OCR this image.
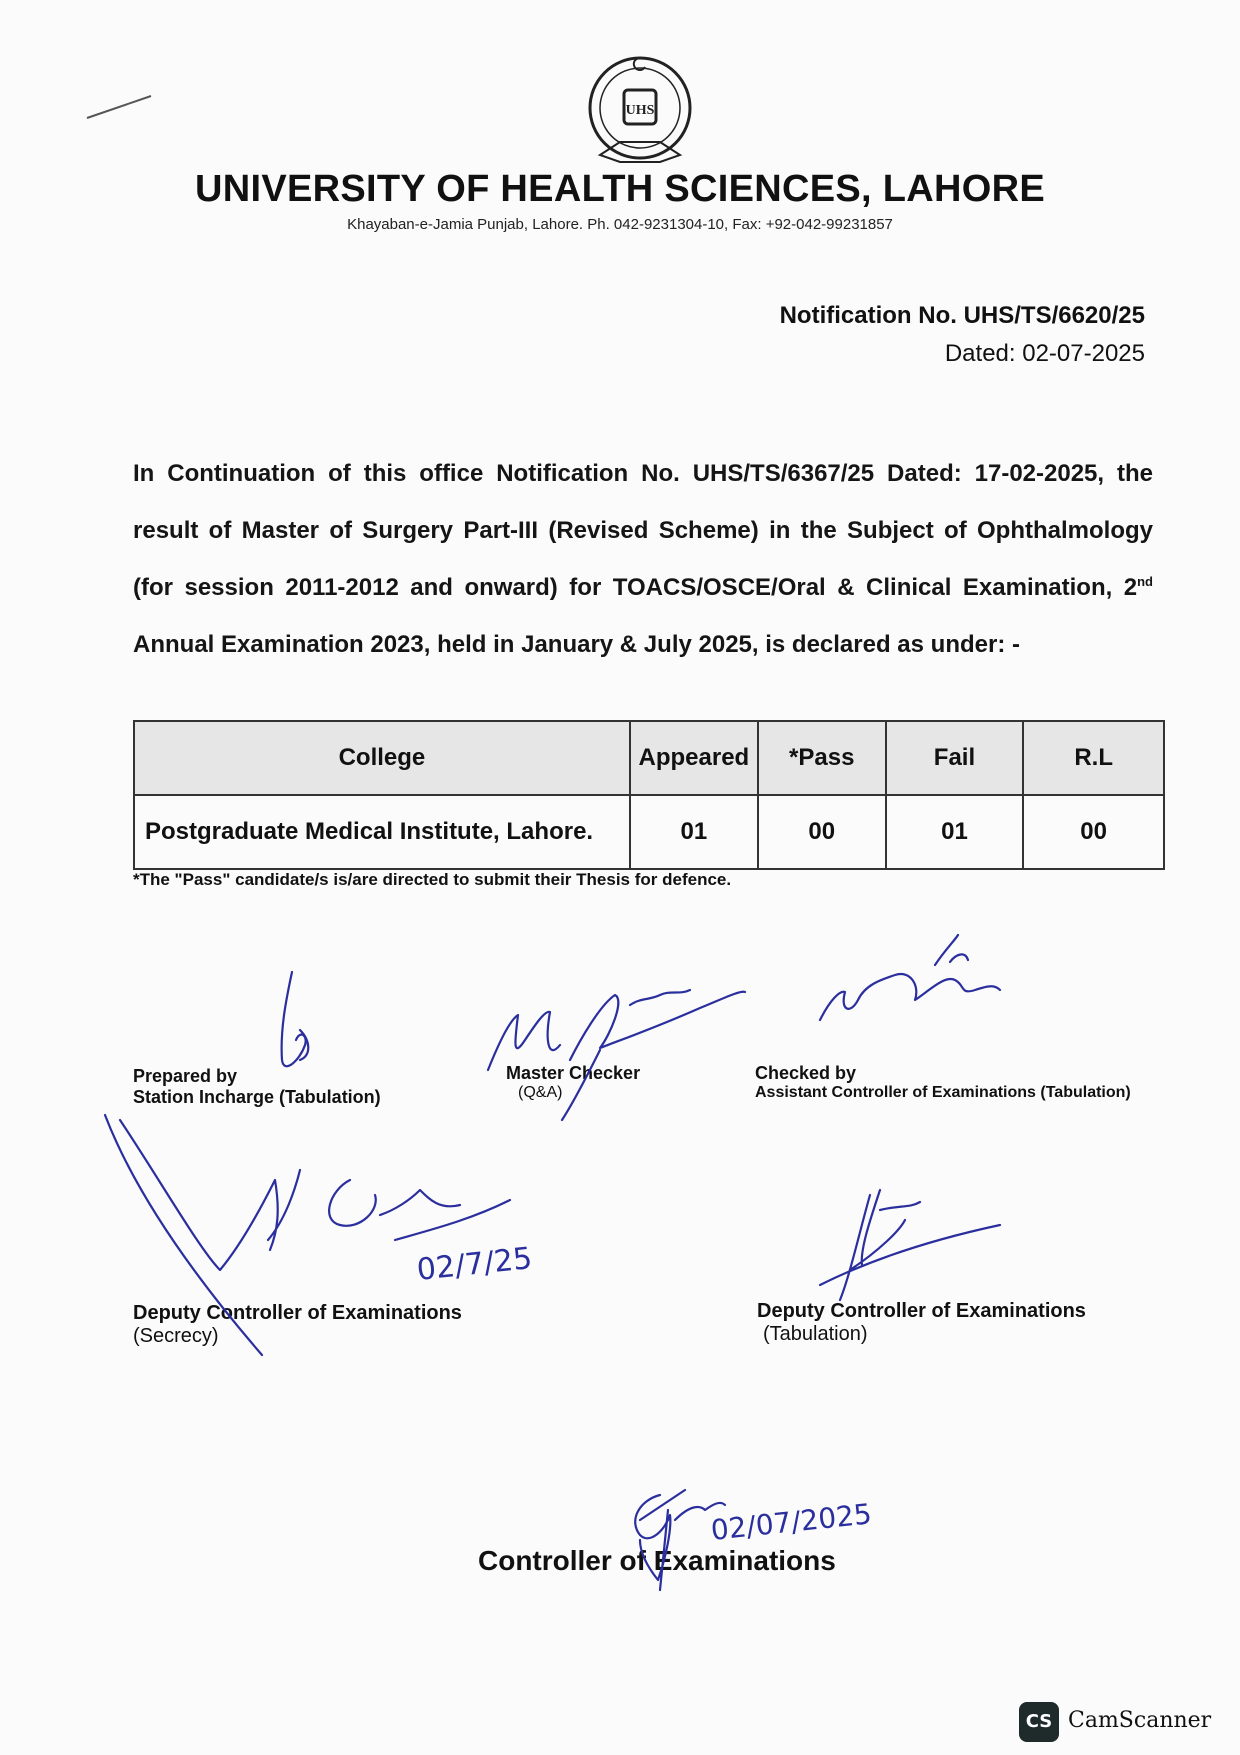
UHS
UNIVERSITY OF HEALTH SCIENCES, LAHORE
Khayaban-e-Jamia Punjab, Lahore. Ph. 042-9231304-10, Fax: +92-042-99231857
Notification No. UHS/TS/6620/25
Dated: 02-07-2025
In Continuation of this office Notification No. UHS/TS/6367/25 Dated: 17-02-2025, the result of Master of Surgery Part-III (Revised Scheme) in the Subject of Ophthalmology (for session 2011-2012 and onward) for TOACS/OSCE/Oral & Clinical Examination, 2nd Annual Examination 2023, held in January & July 2025, is declared as under: -
College	Appeared	*Pass	Fail	R.L
Postgraduate Medical Institute, Lahore.	01	00	01	00
*The "Pass" candidate/s is/are directed to submit their Thesis for defence.
Prepared by
Station Incharge (Tabulation)
Master Checker
(Q&A)
Checked by
Assistant Controller of Examinations (Tabulation)
Deputy Controller of Examinations
(Secrecy)
Deputy Controller of Examinations
(Tabulation)
Controller of Examinations
02/7/25
02/07/2025
CS CamScanner
